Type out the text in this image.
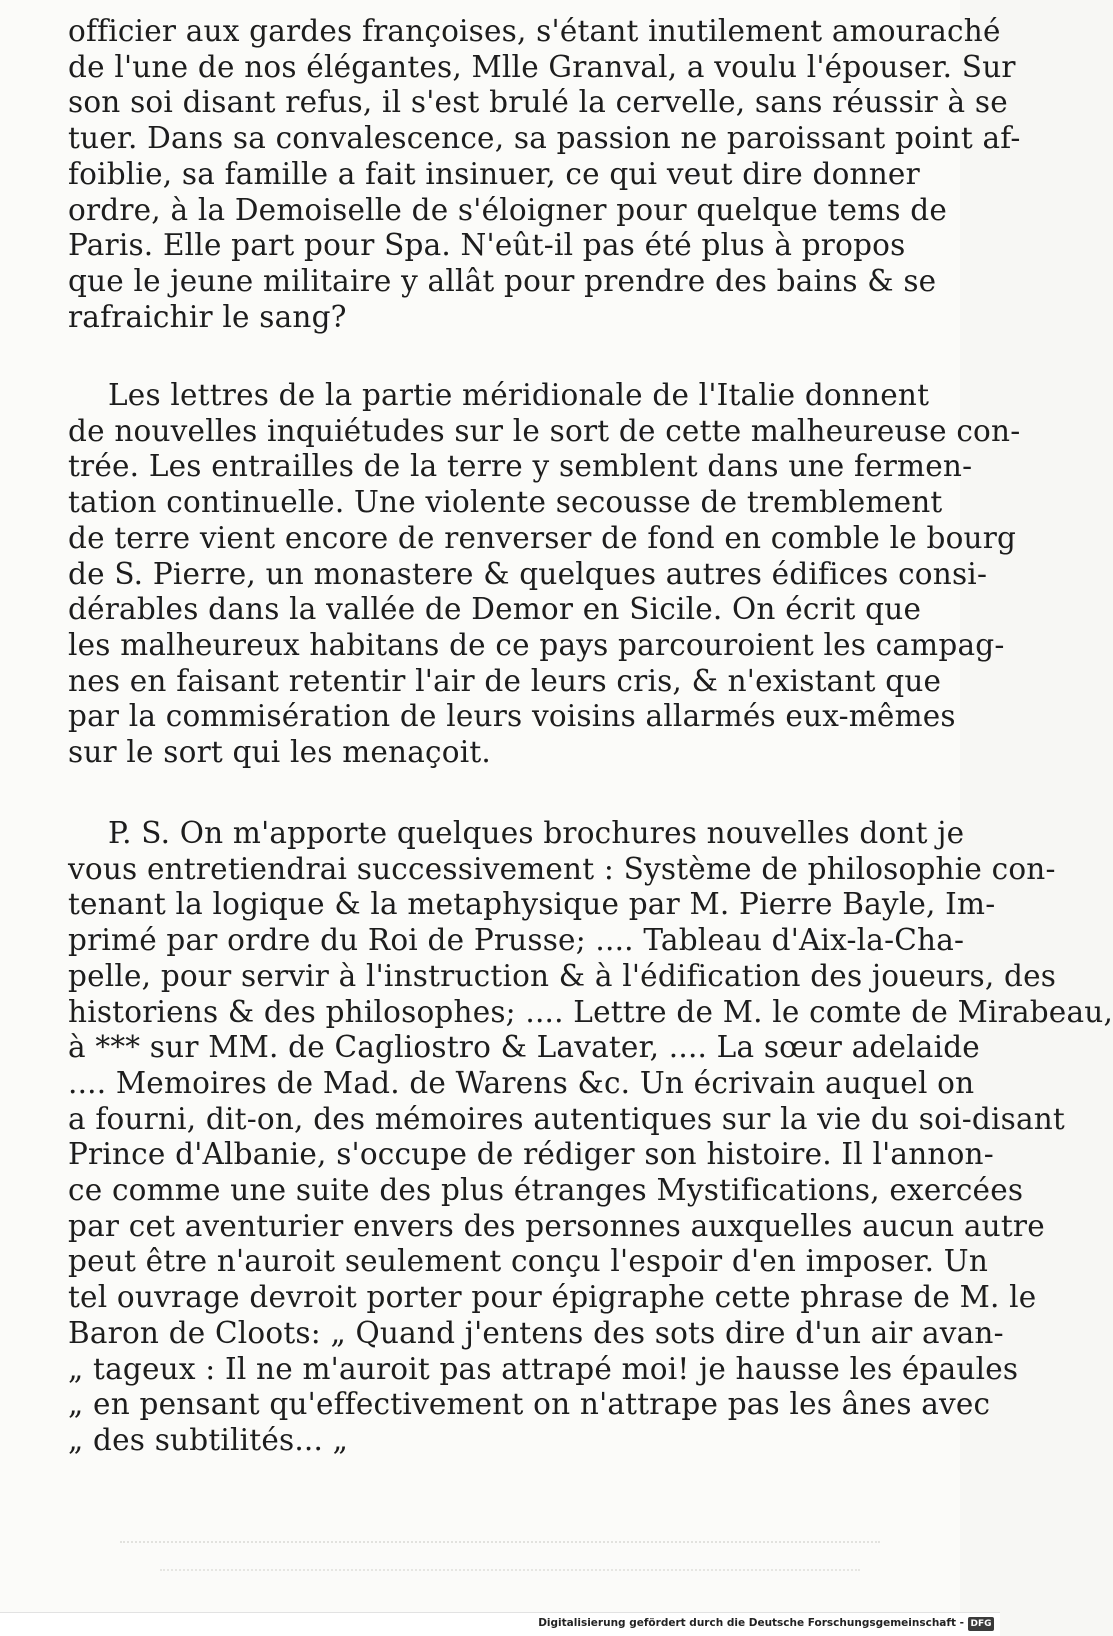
officier aux gardes françoises, s'étant inutilement amouraché
de l'une de nos élégantes, Mlle Granval, a voulu l'épouser. Sur
son soi disant refus, il s'est brulé la cervelle, sans réussir à se
tuer. Dans sa convalescence, sa passion ne paroissant point af-
foiblie, sa famille a fait insinuer, ce qui veut dire donner
ordre, à la Demoiselle de s'éloigner pour quelque tems de
Paris. Elle part pour Spa. N'eût-il pas été plus à propos
que le jeune militaire y allât pour prendre des bains & se
rafraichir le sang?
Les lettres de la partie méridionale de l'Italie donnent
de nouvelles inquiétudes sur le sort de cette malheureuse con-
trée. Les entrailles de la terre y semblent dans une fermen-
tation continuelle. Une violente secousse de tremblement
de terre vient encore de renverser de fond en comble le bourg
de S. Pierre, un monastere & quelques autres édifices consi-
dérables dans la vallée de Demor en Sicile. On écrit que
les malheureux habitans de ce pays parcouroient les campag-
nes en faisant retentir l'air de leurs cris, & n'existant que
par la commisération de leurs voisins allarmés eux-mêmes
sur le sort qui les menaçoit.
P. S. On m'apporte quelques brochures nouvelles dont je
vous entretiendrai successivement : Système de philosophie con-
tenant la logique & la metaphysique par M. Pierre Bayle, Im-
primé par ordre du Roi de Prusse; .... Tableau d'Aix-la-Cha-
pelle, pour servir à l'instruction & à l'édification des joueurs, des
historiens & des philosophes; .... Lettre de M. le comte de Mirabeau,
à *** sur MM. de Cagliostro & Lavater, .... La sœur adelaide
.... Memoires de Mad. de Warens &c. Un écrivain auquel on
a fourni, dit-on, des mémoires autentiques sur la vie du soi-disant
Prince d'Albanie, s'occupe de rédiger son histoire. Il l'annon-
ce comme une suite des plus étranges Mystifications, exercées
par cet aventurier envers des personnes auxquelles aucun autre
peut être n'auroit seulement conçu l'espoir d'en imposer. Un
tel ouvrage devroit porter pour épigraphe cette phrase de M. le
Baron de Cloots: „ Quand j'entens des sots dire d'un air avan-
„ tageux : Il ne m'auroit pas attrapé moi! je hausse les épaules
„ en pensant qu'effectivement on n'attrape pas les ânes avec
„ des subtilités... „
Digitalisierung gefördert durch die Deutsche Forschungsgemeinschaft - DFG
